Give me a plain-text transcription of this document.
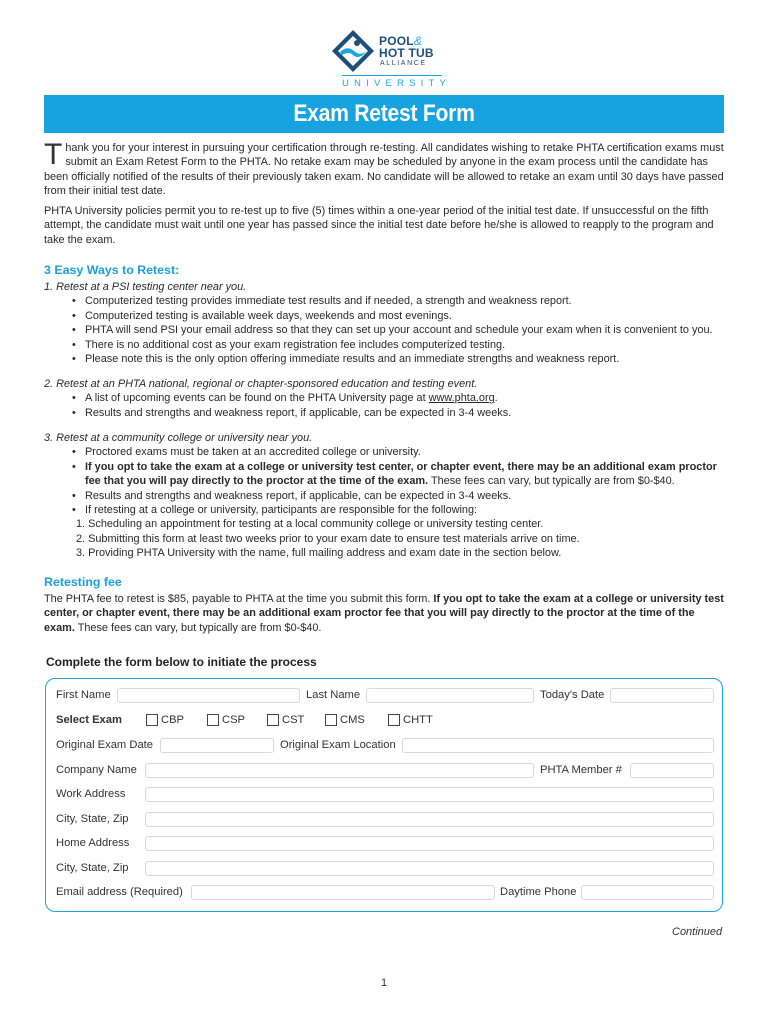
POOL&
HOT TUB
ALLIANCE
UNIVERSITY
Exam Retest Form
Thank you for your interest in pursuing your certification through re-testing. All candidates wishing to retake PHTA certification exams must submit an Exam Retest Form to the PHTA. No retake exam may be scheduled by anyone in the exam process until the candidate has been officially notified of the results of their previously taken exam. No candidate will be allowed to retake an exam until 30 days have passed from their initial test date.
PHTA University policies permit you to re-test up to five (5) times within a one-year period of the initial test date. If unsuccessful on the fifth attempt, the candidate must wait until one year has passed since the initial test date before he/she is allowed to reapply to the program and take the exam.
3 Easy Ways to Retest:
1. Retest at a PSI testing center near you.
• Computerized testing provides immediate test results and if needed, a strength and weakness report.
• Computerized testing is available week days, weekends and most evenings.
• PHTA will send PSI your email address so that they can set up your account and schedule your exam when it is convenient to you.
• There is no additional cost as your exam registration fee includes computerized testing.
• Please note this is the only option offering immediate results and an immediate strengths and weakness report.
2. Retest at an PHTA national, regional or chapter-sponsored education and testing event.
• A list of upcoming events can be found on the PHTA University page at www.phta.org.
• Results and strengths and weakness report, if applicable, can be expected in 3-4 weeks.
3. Retest at a community college or university near you.
• Proctored exams must be taken at an accredited college or university.
• If you opt to take the exam at a college or university test center, or chapter event, there may be an additional exam proctor fee that you will pay directly to the proctor at the time of the exam. These fees can vary, but typically are from $0-$40.
• Results and strengths and weakness report, if applicable, can be expected in 3-4 weeks.
• If retesting at a college or university, participants are responsible for the following:
1. Scheduling an appointment for testing at a local community college or university testing center.
2. Submitting this form at least two weeks prior to your exam date to ensure test materials arrive on time.
3. Providing PHTA University with the name, full mailing address and exam date in the section below.
Retesting fee
The PHTA fee to retest is $85, payable to PHTA at the time you submit this form. If you opt to take the exam at a college or university test center, or chapter event, there may be an additional exam proctor fee that you will pay directly to the proctor at the time of the exam. These fees can vary, but typically are from $0-$40.
Complete the form below to initiate the process
First Name	Last Name	Today's Date
Select Exam	CBP	CSP	CST	CMS	CHTT
Original Exam Date	Original Exam Location
Company Name	PHTA Member #
Work Address
City, State, Zip
Home Address
City, State, Zip
Email address (Required)	Daytime Phone
Continued
1
